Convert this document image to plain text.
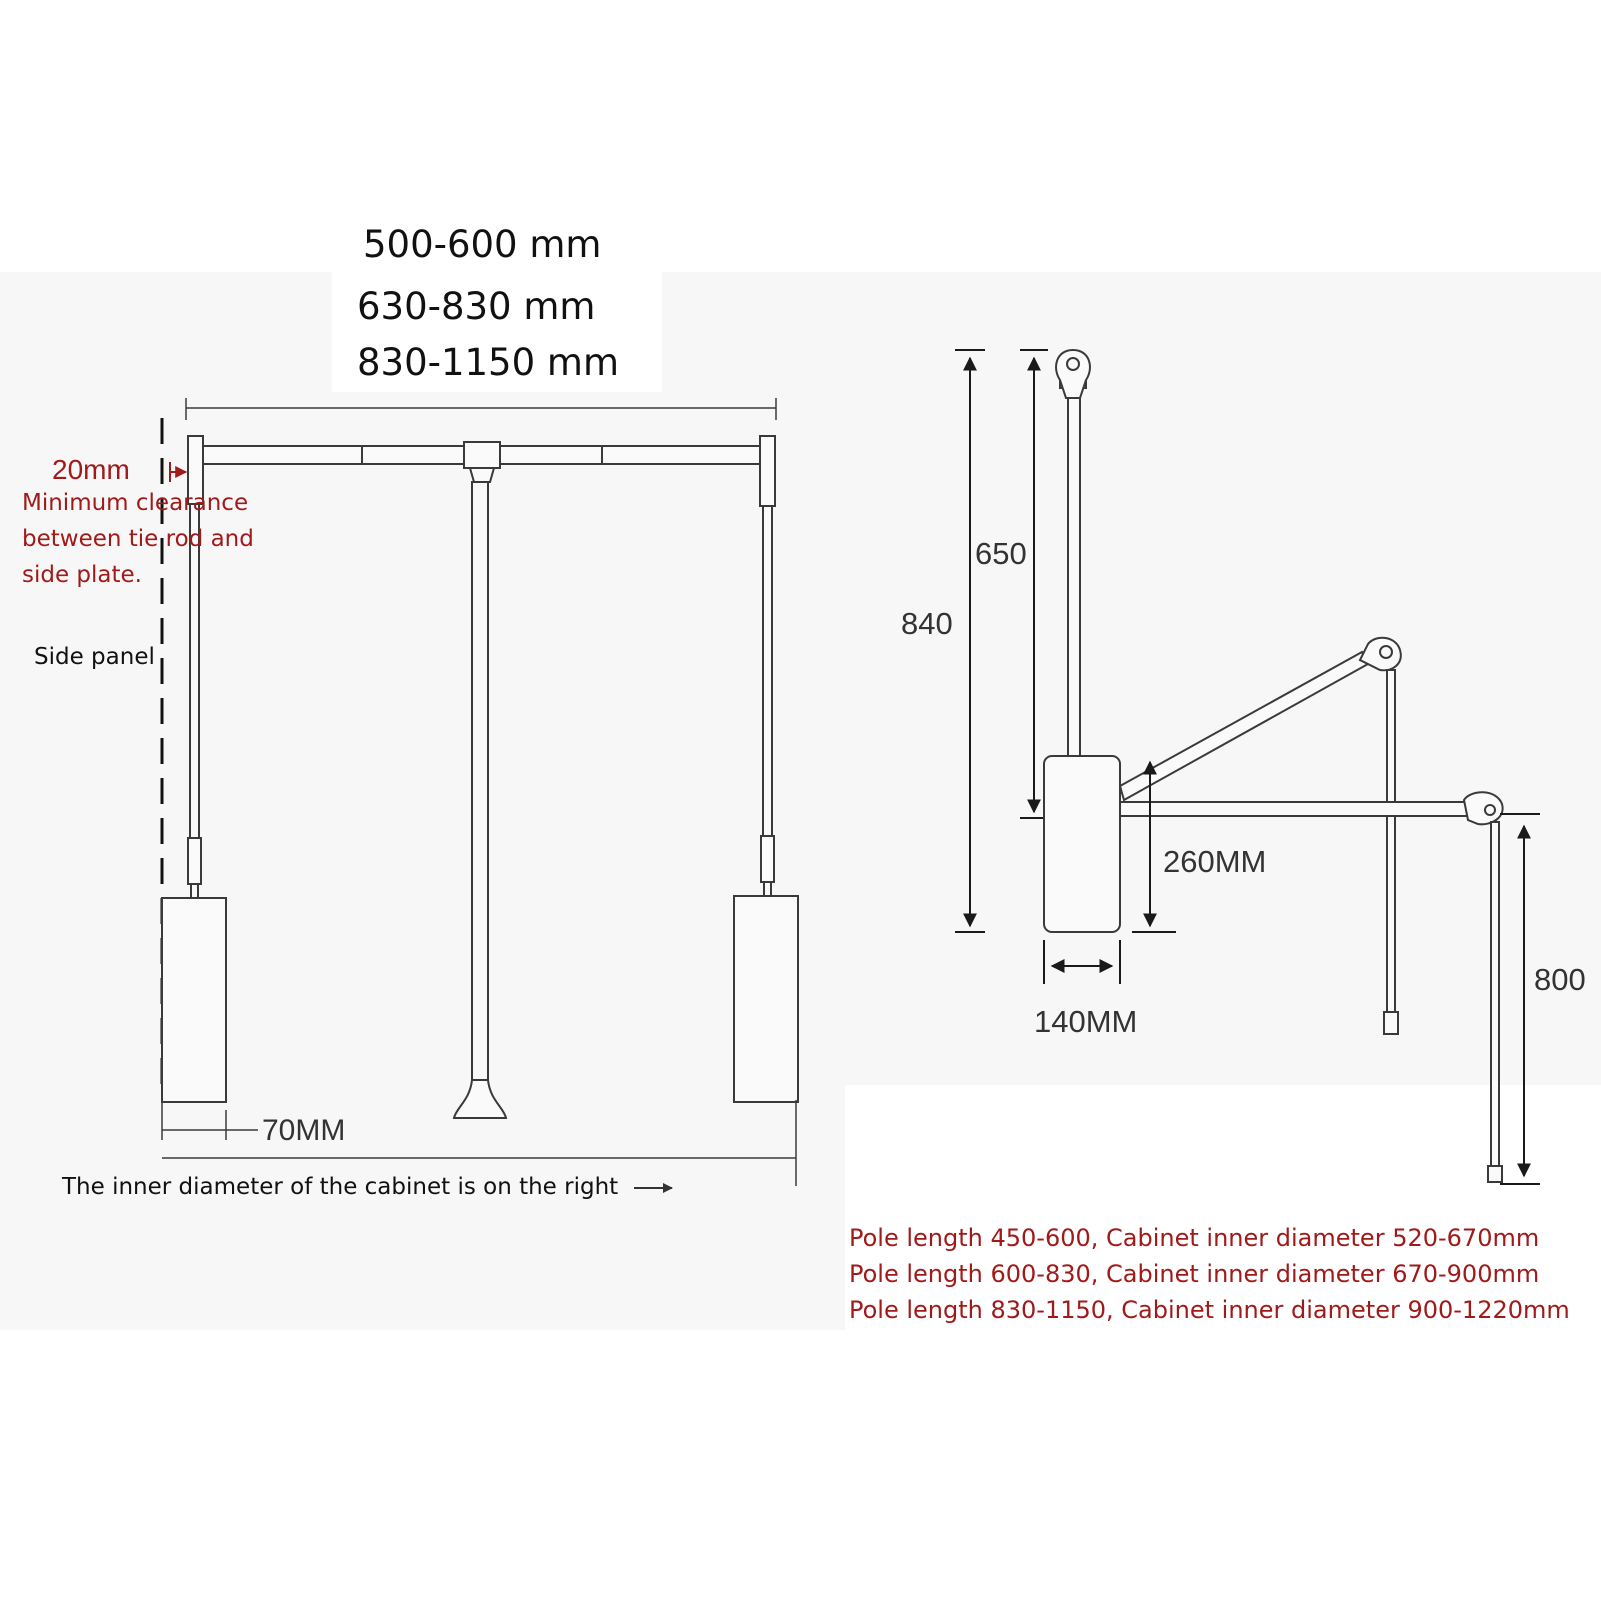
500-600 mm
630-830 mm
830-1150 mm
20mm
Minimum clearance
between tie rod and
side plate.
Side panel
70MM
The inner diameter of the cabinet is on the right
840
650
260MM
140MM
800
Pole length 450-600, Cabinet inner diameter 520-670mm
Pole length 600-830, Cabinet inner diameter 670-900mm
Pole length 830-1150, Cabinet inner diameter 900-1220mm
